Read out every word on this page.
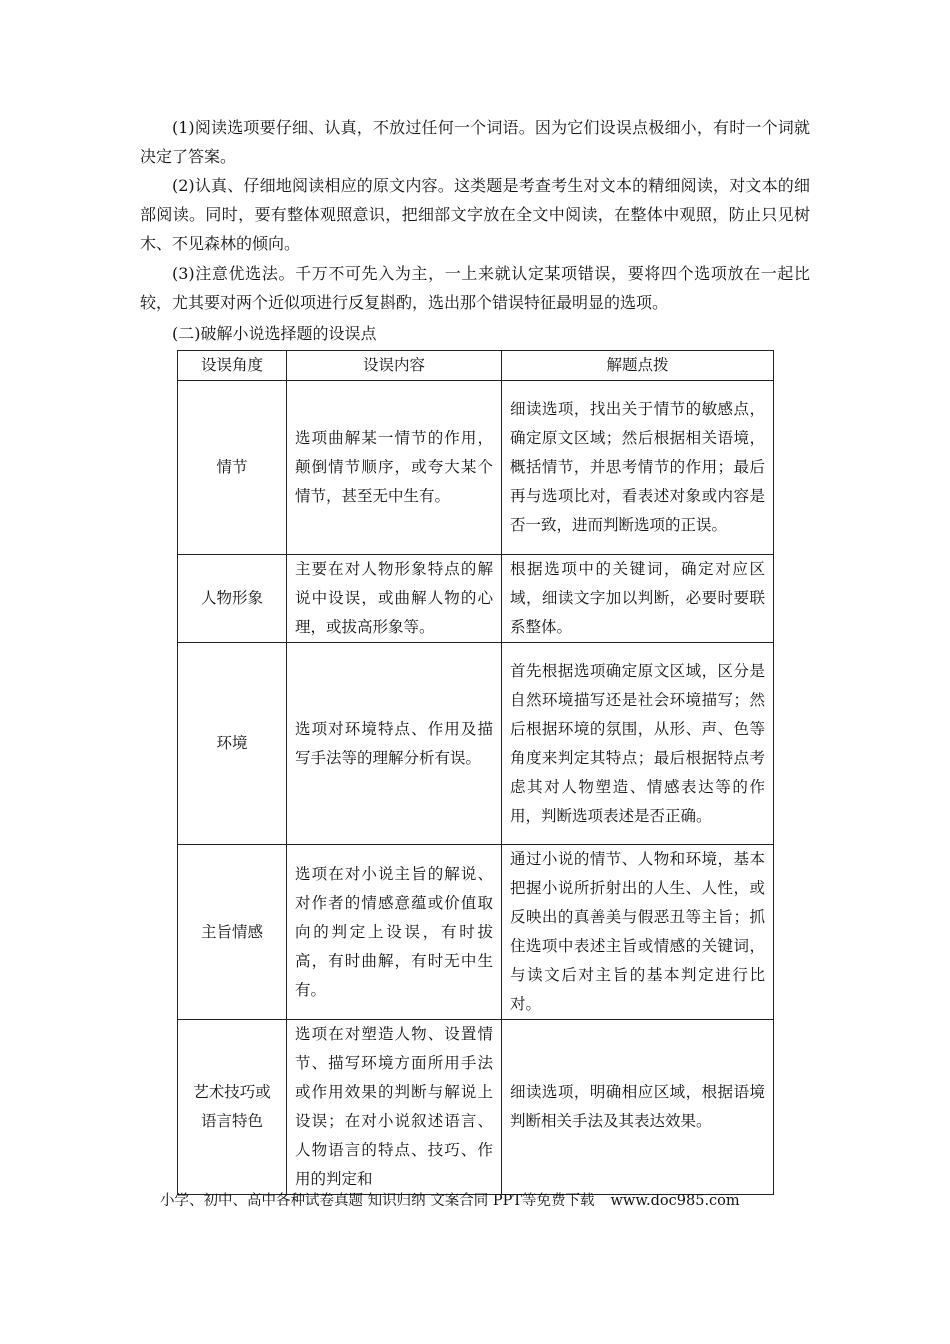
(1)阅读选项要仔细、认真，不放过任何一个词语。因为它们设误点极细小，有时一个词就决定了答案。

(2)认真、仔细地阅读相应的原文内容。这类题是考查考生对文本的精细阅读，对文本的细部阅读。同时，要有整体观照意识，把细部文字放在全文中阅读，在整体中观照，防止只见树木、不见森林的倾向。

(3)注意优选法。千万不可先入为主，一上来就认定某项错误，要将四个选项放在一起比较，尤其要对两个近似项进行反复斟酌，选出那个错误特征最明显的选项。

(二)破解小说选择题的设误点

设误角度	设误内容	解题点拨
情节	选项曲解某一情节的作用，颠倒情节顺序，或夸大某个情节，甚至无中生有。	细读选项，找出关于情节的敏感点，确定原文区域；然后根据相关语境，概括情节，并思考情节的作用；最后再与选项比对，看表述对象或内容是否一致，进而判断选项的正误。
人物形象	主要在对人物形象特点的解说中设误，或曲解人物的心理，或拔高形象等。	根据选项中的关键词，确定对应区域，细读文字加以判断，必要时要联系整体。
环境	选项对环境特点、作用及描写手法等的理解分析有误。	首先根据选项确定原文区域，区分是自然环境描写还是社会环境描写；然后根据环境的氛围，从形、声、色等角度来判定其特点；最后根据特点考虑其对人物塑造、情感表达等的作用，判断选项表述是否正确。
主旨情感	选项在对小说主旨的解说、对作者的情感意蕴或价值取向的判定上设误，有时拔高，有时曲解，有时无中生有。	通过小说的情节、人物和环境，基本把握小说所折射出的人生、人性，或反映出的真善美与假恶丑等主旨；抓住选项中表述主旨或情感的关键词，与读文后对主旨的基本判定进行比对。
艺术技巧或语言特色	选项在对塑造人物、设置情节、描写环境方面所用手法或作用效果的判断与解说上设误；在对小说叙述语言、人物语言的特点、技巧、作用的判定和	细读选项，明确相应区域，根据语境判断相关手法及其表达效果。
小学、初中、高中各种试卷真题 知识归纳 文案合同 PPT等免费下载 www.doc985.com
